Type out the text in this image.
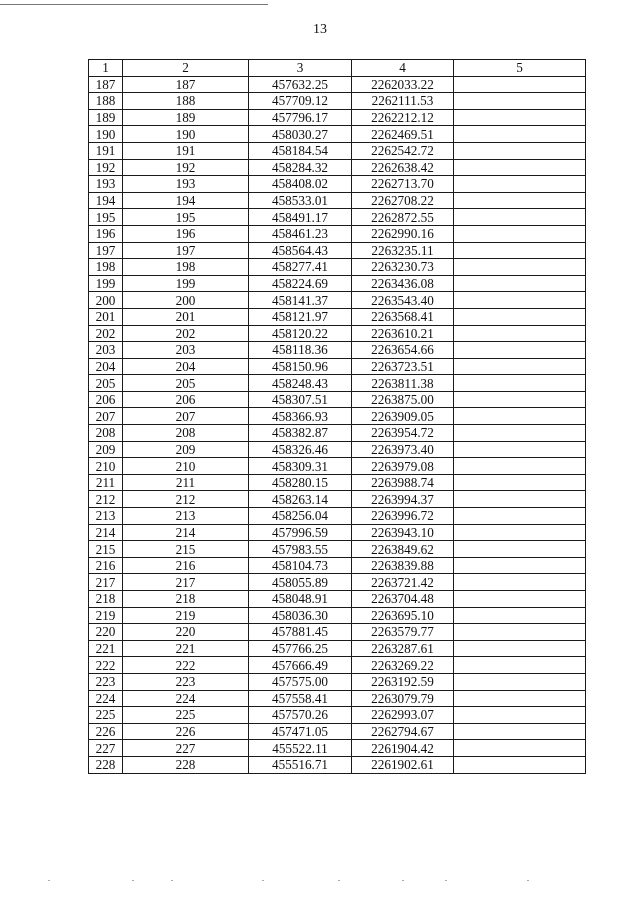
13
1	2	3	4	5
187	187	457632.25	2262033.22	
188	188	457709.12	2262111.53	
189	189	457796.17	2262212.12	
190	190	458030.27	2262469.51	
191	191	458184.54	2262542.72	
192	192	458284.32	2262638.42	
193	193	458408.02	2262713.70	
194	194	458533.01	2262708.22	
195	195	458491.17	2262872.55	
196	196	458461.23	2262990.16	
197	197	458564.43	2263235.11	
198	198	458277.41	2263230.73	
199	199	458224.69	2263436.08	
200	200	458141.37	2263543.40	
201	201	458121.97	2263568.41	
202	202	458120.22	2263610.21	
203	203	458118.36	2263654.66	
204	204	458150.96	2263723.51	
205	205	458248.43	2263811.38	
206	206	458307.51	2263875.00	
207	207	458366.93	2263909.05	
208	208	458382.87	2263954.72	
209	209	458326.46	2263973.40	
210	210	458309.31	2263979.08	
211	211	458280.15	2263988.74	
212	212	458263.14	2263994.37	
213	213	458256.04	2263996.72	
214	214	457996.59	2263943.10	
215	215	457983.55	2263849.62	
216	216	458104.73	2263839.88	
217	217	458055.89	2263721.42	
218	218	458048.91	2263704.48	
219	219	458036.30	2263695.10	
220	220	457881.45	2263579.77	
221	221	457766.25	2263287.61	
222	222	457666.49	2263269.22	
223	223	457575.00	2263192.59	
224	224	457558.41	2263079.79	
225	225	457570.26	2262993.07	
226	226	457471.05	2262794.67	
227	227	455522.11	2261904.42	
228	228	455516.71	2261902.61	
